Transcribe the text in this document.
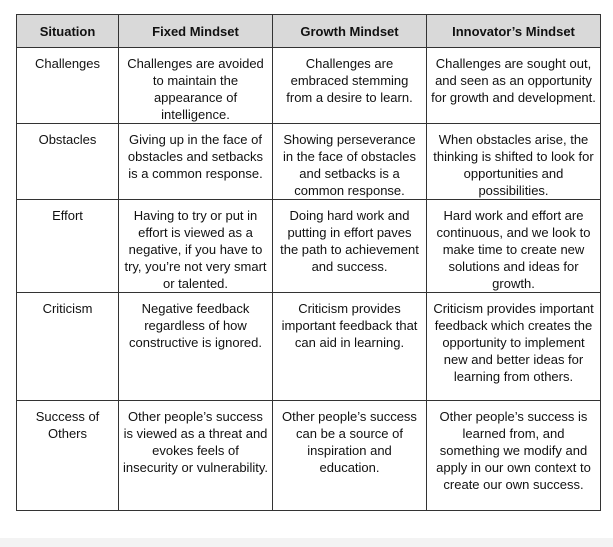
Situation	Fixed Mindset	Growth Mindset	Innovator’s Mindset
Challenges	Challenges are avoided to maintain the appearance of intelligence.	Challenges are embraced stemming from a desire to learn.	Challenges are sought out, and seen as an opportunity for growth and development.
Obstacles	Giving up in the face of obstacles and setbacks is a common response.	Showing perseverance in the face of obstacles and setbacks is a common response.	When obstacles arise, the thinking is shifted to look for opportunities and possibilities.
Effort	Having to try or put in effort is viewed as a negative, if you have to try, you’re not very smart or talented.	Doing hard work and putting in effort paves the path to achievement and success.	Hard work and effort are continuous, and we look to make time to create new solutions and ideas for growth.
Criticism	Negative feedback regardless of how constructive is ignored.	Criticism provides important feedback that can aid in learning.	Criticism provides important feedback which creates the opportunity to implement new and better ideas for learning from others.
Success of Others	Other people’s success is viewed as a threat and evokes feels of insecurity or vulnerability.	Other people’s success can be a source of inspiration and education.	Other people’s success is learned from, and something we modify and apply in our own context to create our own success.
